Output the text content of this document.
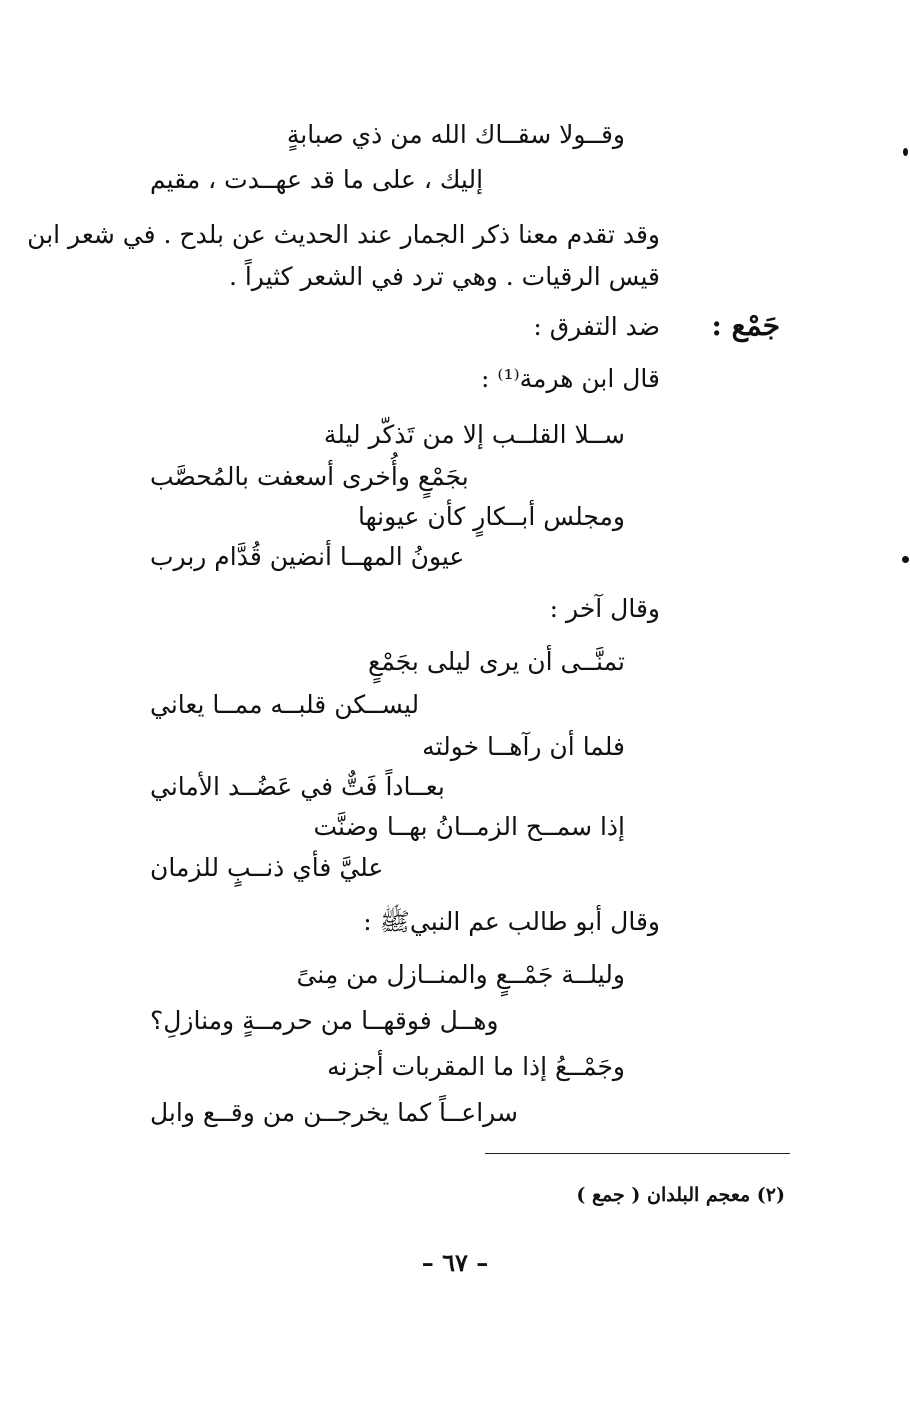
وقــولا سقــاك الله من ذي صبابةٍ
إليك ، على ما قد عهــدت ، مقيم
وقد تقدم معنا ذكر الجمار عند الحديث عن بلدح . في شعر ابن
قيس الرقيات . وهي ترد في الشعر كثيراً .
جَمْع :
ضد التفرق :
قال ابن هرمة⁽¹⁾ :
ســلا القلــب إلا من تَذكّر ليلة
بجَمْعٍ وأُخرى أسعفت بالمُحصَّب
ومجلس أبــكارٍ كأن عيونها
عيونُ المهــا أنضين قُدَّام ربرب
وقال آخر :
تمنَّــى أن يرى ليلى بجَمْعٍ
ليســكن قلبــه ممــا يعاني
فلما أن رآهــا خولته
بعــاداً فَتٌّ في عَضُــد الأماني
إذا سمــح الزمــانُ بهــا وضنَّت
عليَّ فأي ذنــبٍ للزمان
وقال أبو طالب عم النبيﷺ :
وليلــة جَمْــعٍ والمنــازل من مِنىً
وهــل فوقهــا من حرمــةٍ ومنازلِ؟
وجَمْــعُ إذا ما المقربات أجزنه
سراعــاً كما يخرجــن من وقــع وابل
(٢) معجم البلدان ( جمع )
– ٦٧ –
